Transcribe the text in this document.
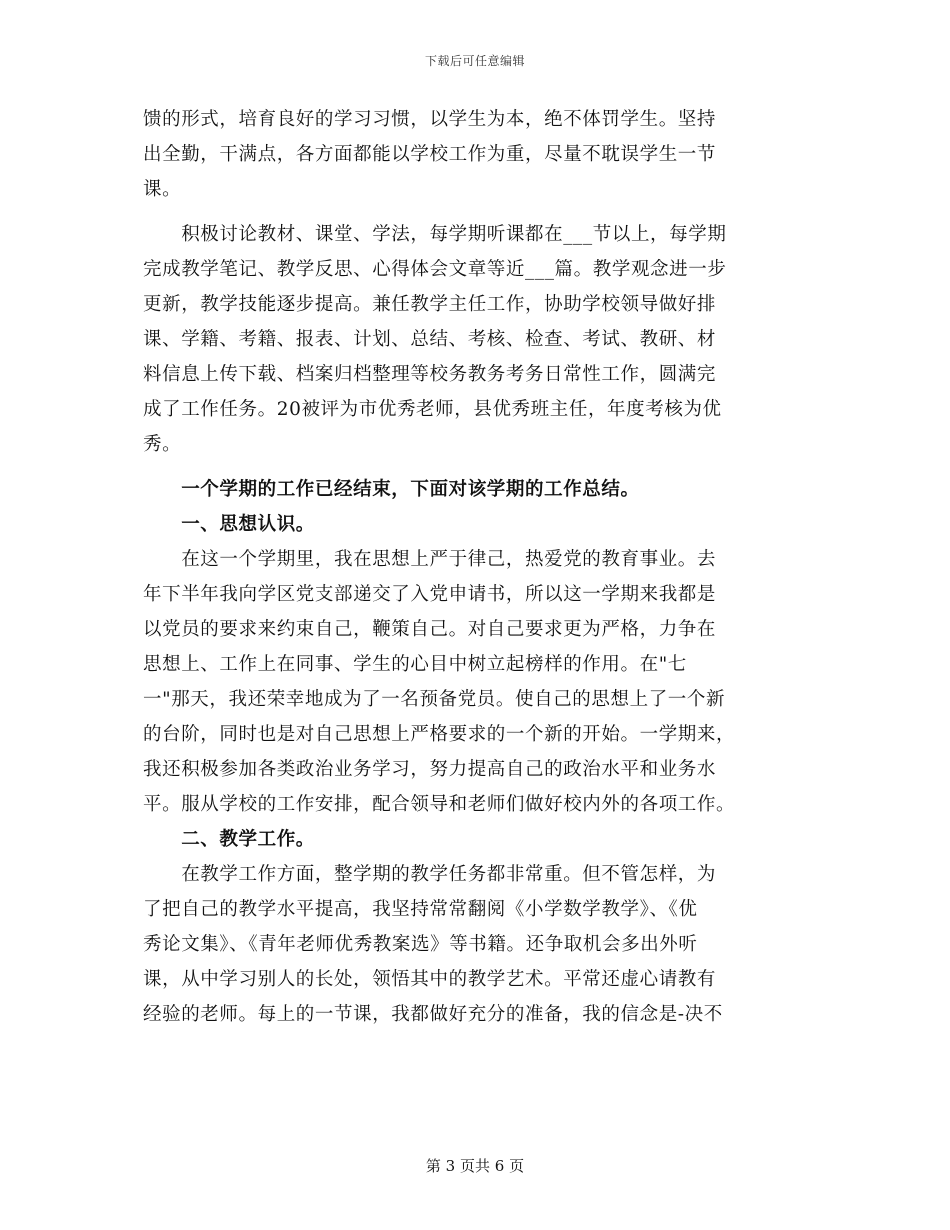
下载后可任意编辑
馈的形式，培育良好的学习习惯，以学生为本，绝不体罚学生。坚持
出全勤，干满点，各方面都能以学校工作为重，尽量不耽误学生一节
课。
　　积极讨论教材、课堂、学法，每学期听课都在___节以上，每学期
完成教学笔记、教学反思、心得体会文章等近___篇。教学观念进一步
更新，教学技能逐步提高。兼任教学主任工作，协助学校领导做好排
课、学籍、考籍、报表、计划、总结、考核、检查、考试、教研、材
料信息上传下载、档案归档整理等校务教务考务日常性工作，圆满完
成了工作任务。20被评为市优秀老师，县优秀班主任，年度考核为优
秀。
　　一个学期的工作已经结束，下面对该学期的工作总结。
　　一、思想认识。
　　在这一个学期里，我在思想上严于律己，热爱党的教育事业。去
年下半年我向学区党支部递交了入党申请书，所以这一学期来我都是
以党员的要求来约束自己，鞭策自己。对自己要求更为严格，力争在
思想上、工作上在同事、学生的心目中树立起榜样的作用。在"七
一"那天，我还荣幸地成为了一名预备党员。使自己的思想上了一个新
的台阶，同时也是对自己思想上严格要求的一个新的开始。一学期来，
我还积极参加各类政治业务学习，努力提高自己的政治水平和业务水
平。服从学校的工作安排，配合领导和老师们做好校内外的各项工作。
　　二、教学工作。
　　在教学工作方面，整学期的教学任务都非常重。但不管怎样，为
了把自己的教学水平提高，我坚持常常翻阅《小学数学教学》、《优
秀论文集》、《青年老师优秀教案选》等书籍。还争取机会多出外听
课，从中学习别人的长处，领悟其中的教学艺术。平常还虚心请教有
经验的老师。每上的一节课，我都做好充分的准备，我的信念是-决不
第 3 页共 6 页
